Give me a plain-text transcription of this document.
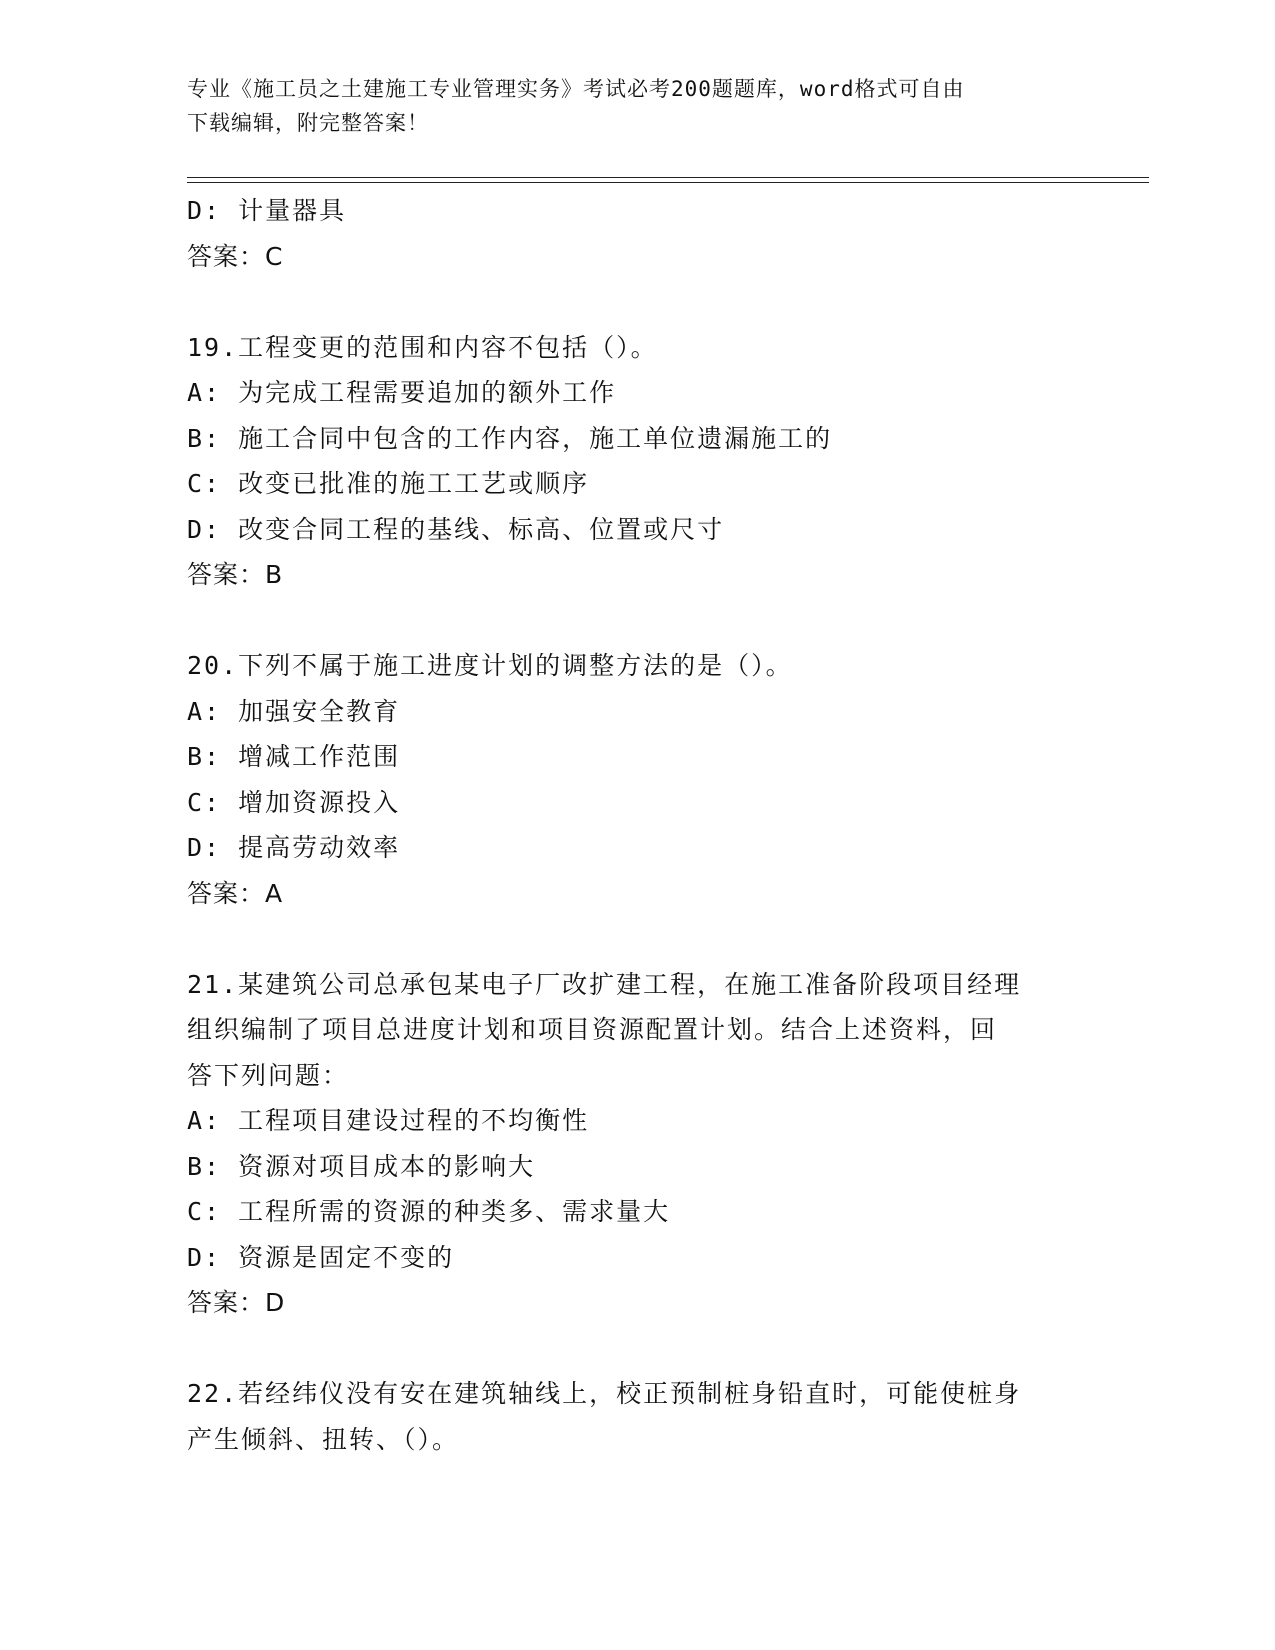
专业《施工员之土建施工专业管理实务》考试必考200题题库，word格式可自由
下载编辑，附完整答案！
D: 计量器具
答案：C
19.工程变更的范围和内容不包括（）。
A: 为完成工程需要追加的额外工作
B: 施工合同中包含的工作内容，施工单位遗漏施工的
C: 改变已批准的施工工艺或顺序
D: 改变合同工程的基线、标高、位置或尺寸
答案：B
20.下列不属于施工进度计划的调整方法的是（）。
A: 加强安全教育
B: 增减工作范围
C: 增加资源投入
D: 提高劳动效率
答案：A
21.某建筑公司总承包某电子厂改扩建工程，在施工准备阶段项目经理
组织编制了项目总进度计划和项目资源配置计划。结合上述资料，回
答下列问题：
A: 工程项目建设过程的不均衡性
B: 资源对项目成本的影响大
C: 工程所需的资源的种类多、需求量大
D: 资源是固定不变的
答案：D
22.若经纬仪没有安在建筑轴线上，校正预制桩身铅直时，可能使桩身
产生倾斜、扭转、（）。
